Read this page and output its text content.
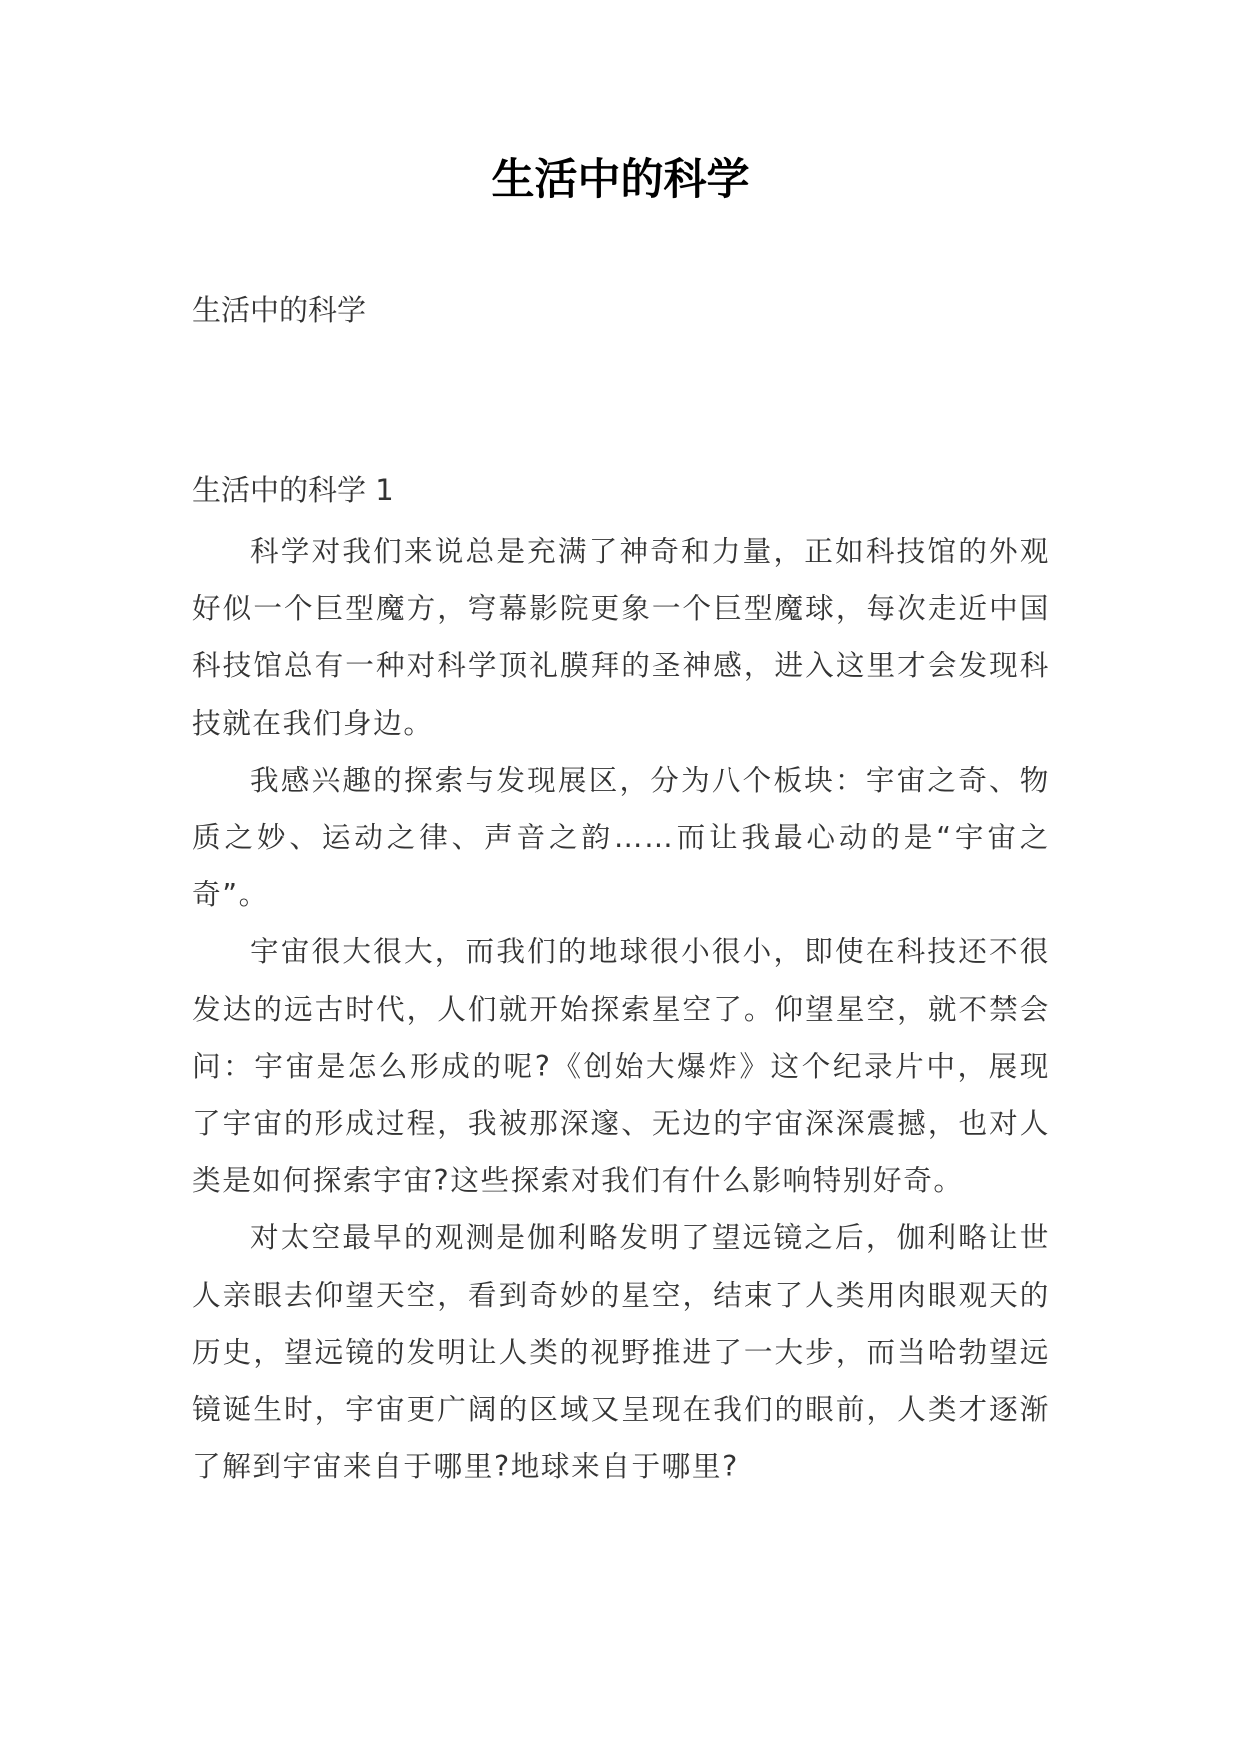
生活中的科学
生活中的科学
生活中的科学 1

科学对我们来说总是充满了神奇和力量，正如科技馆的外观好似一个巨型魔方，穹幕影院更象一个巨型魔球，每次走近中国科技馆总有一种对科学顶礼膜拜的圣神感，进入这里才会发现科技就在我们身边。

我感兴趣的探索与发现展区，分为八个板块：宇宙之奇、物质之妙、运动之律、声音之韵……而让我最心动的是“宇宙之奇”。

宇宙很大很大，而我们的地球很小很小，即使在科技还不很发达的远古时代，人们就开始探索星空了。仰望星空，就不禁会问：宇宙是怎么形成的呢?《创始大爆炸》这个纪录片中，展现了宇宙的形成过程，我被那深邃、无边的宇宙深深震撼，也对人类是如何探索宇宙?这些探索对我们有什么影响特别好奇。

对太空最早的观测是伽利略发明了望远镜之后，伽利略让世人亲眼去仰望天空，看到奇妙的星空，结束了人类用肉眼观天的历史，望远镜的发明让人类的视野推进了一大步，而当哈勃望远镜诞生时，宇宙更广阔的区域又呈现在我们的眼前，人类才逐渐了解到宇宙来自于哪里?地球来自于哪里?
